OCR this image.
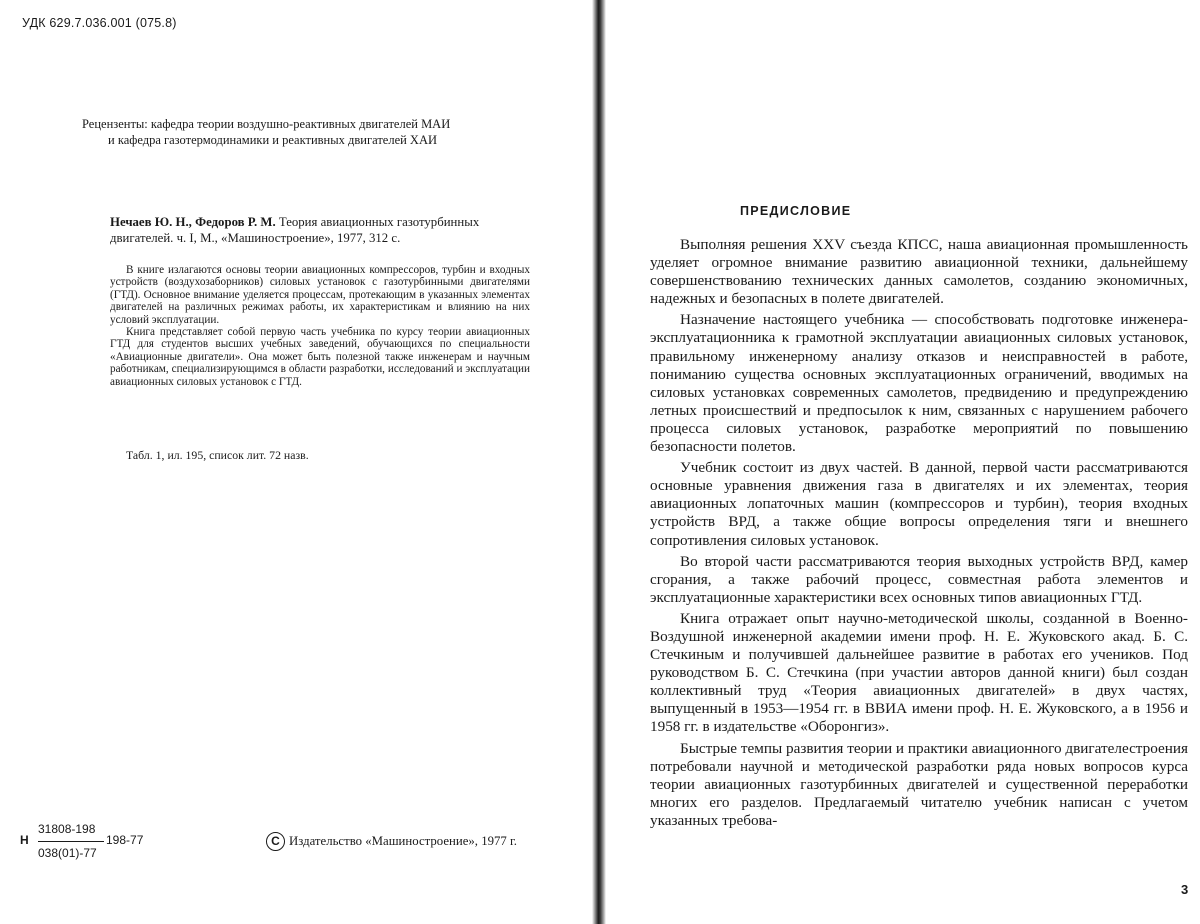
УДК 629.7.036.001 (075.8)
Рецензенты: кафедра теории воздушно-реактивных двигателей МАИ
и кафедра газотермодинамики и реактивных двигателей ХАИ
Нечаев Ю. Н., Федоров Р. М. Теория авиационных газотурбинных двигателей. ч. I, М., «Машиностроение», 1977, 312 с.

В книге излагаются основы теории авиационных компрессоров, турбин и входных устройств (воздухозаборников) силовых установок с газотурбинными двигателями (ГТД). Основное внимание уделяется процессам, протекающим в указанных элементах двигателей на различных режимах работы, их характеристикам и влиянию на них условий эксплуатации.

Книга представляет собой первую часть учебника по курсу теории авиационных ГТД для студентов высших учебных заведений, обучающихся по специальности «Авиационные двигатели». Она может быть полезной также инженерам и научным работникам, специализирующимся в области разработки, исследований и эксплуатации авиационных силовых установок с ГТД.

Табл. 1, ил. 195, список лит. 72 назв.
Н
31808-198
038(01)-77
198-77	С Издательство «Машиностроение», 1977 г.
ПРЕДИСЛОВИЕ

Выполняя решения XXV съезда КПСС, наша авиационная промышленность уделяет огромное внимание развитию авиационной техники, дальнейшему совершенствованию технических данных самолетов, созданию экономичных, надежных и безопасных в полете двигателей.

Назначение настоящего учебника — способствовать подготовке инженера-эксплуатационника к грамотной эксплуатации авиационных силовых установок, правильному инженерному анализу отказов и неисправностей в работе, пониманию существа основных эксплуатационных ограничений, вводимых на силовых установках современных самолетов, предвидению и предупреждению летных происшествий и предпосылок к ним, связанных с нарушением рабочего процесса силовых установок, разработке мероприятий по повышению безопасности полетов.

Учебник состоит из двух частей. В данной, первой части рассматриваются основные уравнения движения газа в двигателях и их элементах, теория авиационных лопаточных машин (компрессоров и турбин), теория входных устройств ВРД, а также общие вопросы определения тяги и внешнего сопротивления силовых установок.

Во второй части рассматриваются теория выходных устройств ВРД, камер сгорания, а также рабочий процесс, совместная работа элементов и эксплуатационные характеристики всех основных типов авиационных ГТД.

Книга отражает опыт научно-методической школы, созданной в Военно-Воздушной инженерной академии имени проф. Н. Е. Жуковского акад. Б. С. Стечкиным и получившей дальнейшее развитие в работах его учеников. Под руководством Б. С. Стечкина (при участии авторов данной книги) был создан коллективный труд «Теория авиационных двигателей» в двух частях, выпущенный в 1953—1954 гг. в ВВИА имени проф. Н. Е. Жуковского, а в 1956 и 1958 гг. в издательстве «Оборонгиз».

Быстрые темпы развития теории и практики авиационного двигателестроения потребовали научной и методической разработки ряда новых вопросов курса теории авиационных газотурбинных двигателей и существенной переработки многих его разделов. Предлагаемый читателю учебник написан с учетом указанных требова-

3
